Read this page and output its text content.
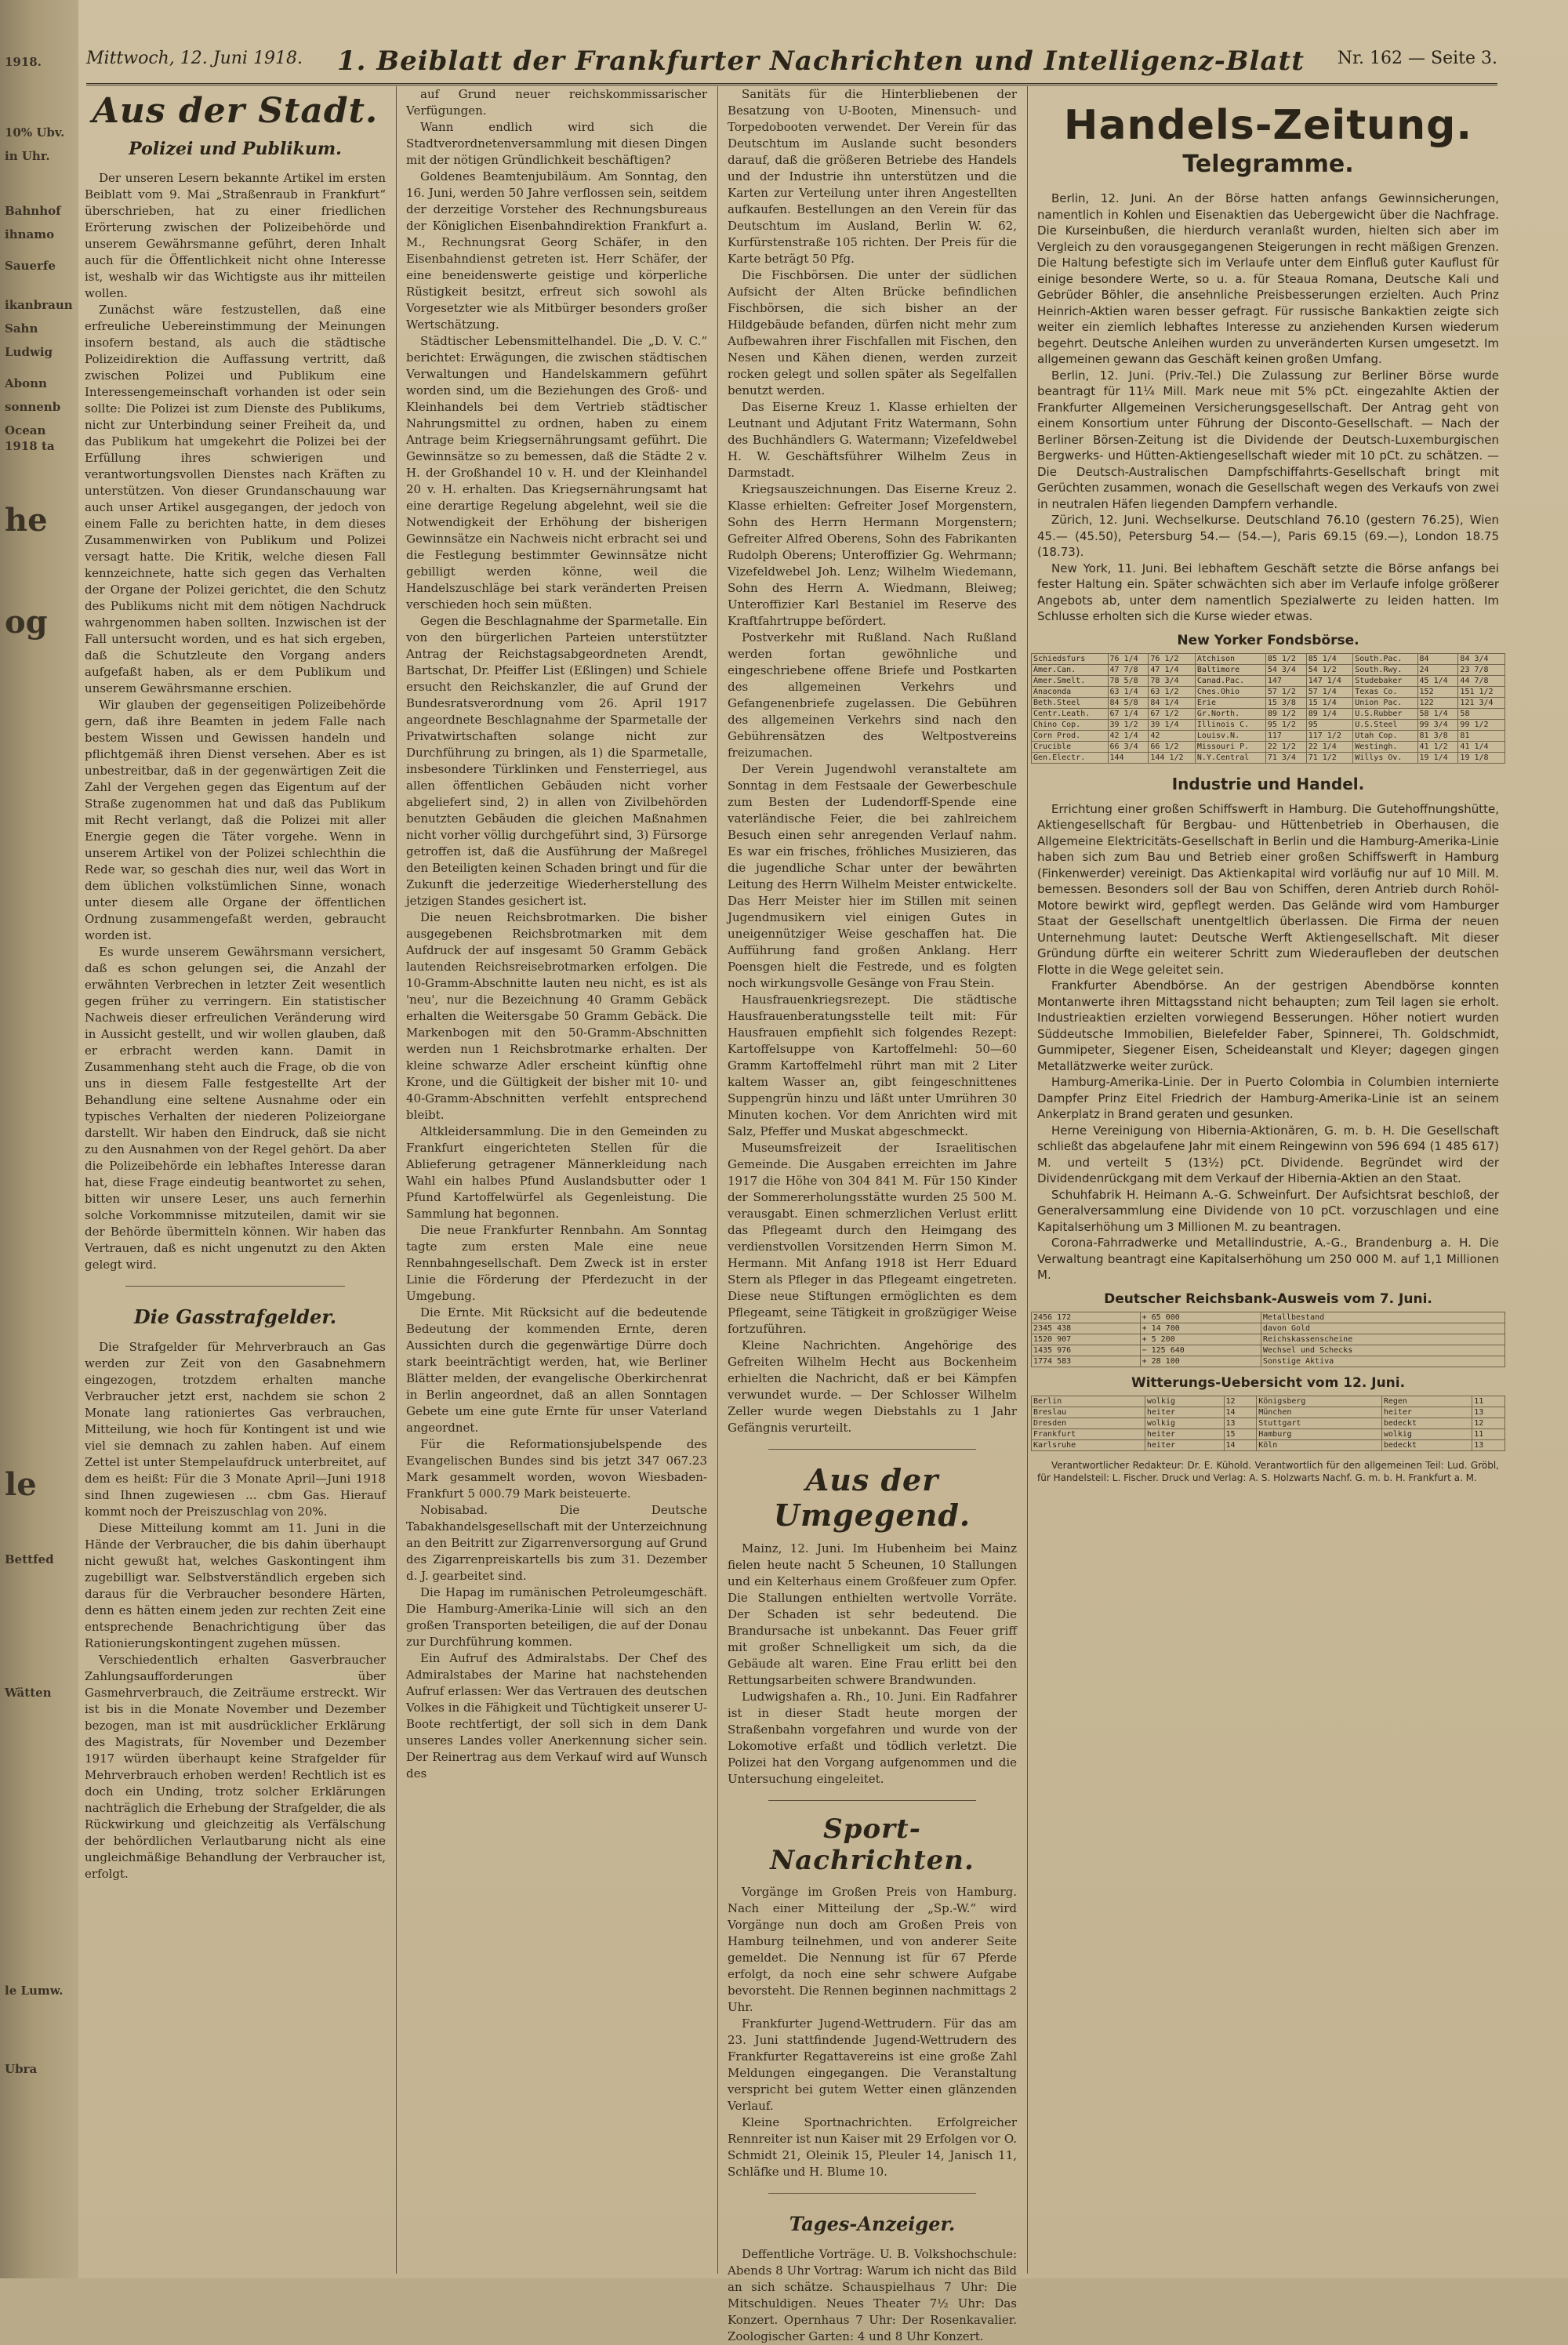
1918.
10% Ubv.
in Uhr.
Bahnhof
ihnamo
Sauerfe
ikanbraun
Sahn
Ludwig
Abonn
sonnenb
Ocean
1918 ta
he
og
le
Bettfed
Wätten
le Lumw.
Ubra
Mittwoch, 12. Juni 1918. 1. Beiblatt der Frankfurter Nachrichten und Intelligenz-Blatt Nr. 162 — Seite 3.
Aus der Stadt.
Polizei und Publikum.

Der unseren Lesern bekannte Artikel im ersten Beiblatt vom 9. Mai „Straßenraub in Frankfurt“ überschrieben, hat zu einer friedlichen Erörterung zwischen der Polizeibehörde und unserem Gewährsmanne geführt, deren Inhalt auch für die Öffentlichkeit nicht ohne Interesse ist, weshalb wir das Wichtigste aus ihr mitteilen wollen.

Zunächst wäre festzustellen, daß eine erfreuliche Uebereinstimmung der Meinungen insofern bestand, als auch die städtische Polizeidirektion die Auffassung vertritt, daß zwischen Polizei und Publikum eine Interessengemeinschaft vorhanden ist oder sein sollte: Die Polizei ist zum Dienste des Publikums, nicht zur Unterbindung seiner Freiheit da, und das Publikum hat umgekehrt die Polizei bei der Erfüllung ihres schwierigen und verantwortungsvollen Dienstes nach Kräften zu unterstützen. Von dieser Grundanschauung war auch unser Artikel ausgegangen, der jedoch von einem Falle zu berichten hatte, in dem dieses Zusammenwirken von Publikum und Polizei versagt hatte. Die Kritik, welche diesen Fall kennzeichnete, hatte sich gegen das Verhalten der Organe der Polizei gerichtet, die den Schutz des Publikums nicht mit dem nötigen Nachdruck wahrgenommen haben sollten. Inzwischen ist der Fall untersucht worden, und es hat sich ergeben, daß die Schutzleute den Vorgang anders aufgefaßt haben, als er dem Publikum und unserem Gewährsmanne erschien.

Wir glauben der gegenseitigen Polizeibehörde gern, daß ihre Beamten in jedem Falle nach bestem Wissen und Gewissen handeln und pflichtgemäß ihren Dienst versehen. Aber es ist unbestreitbar, daß in der gegenwärtigen Zeit die Zahl der Vergehen gegen das Eigentum auf der Straße zugenommen hat und daß das Publikum mit Recht verlangt, daß die Polizei mit aller Energie gegen die Täter vorgehe. Wenn in unserem Artikel von der Polizei schlechthin die Rede war, so geschah dies nur, weil das Wort in dem üblichen volkstümlichen Sinne, wonach unter diesem alle Organe der öffentlichen Ordnung zusammengefaßt werden, gebraucht worden ist.

Es wurde unserem Gewährsmann versichert, daß es schon gelungen sei, die Anzahl der erwähnten Verbrechen in letzter Zeit wesentlich gegen früher zu verringern. Ein statistischer Nachweis dieser erfreulichen Veränderung wird in Aussicht gestellt, und wir wollen glauben, daß er erbracht werden kann. Damit in Zusammenhang steht auch die Frage, ob die von uns in diesem Falle festgestellte Art der Behandlung eine seltene Ausnahme oder ein typisches Verhalten der niederen Polizeiorgane darstellt. Wir haben den Eindruck, daß sie nicht zu den Ausnahmen von der Regel gehört. Da aber die Polizeibehörde ein lebhaftes Interesse daran hat, diese Frage eindeutig beantwortet zu sehen, bitten wir unsere Leser, uns auch fernerhin solche Vorkommnisse mitzuteilen, damit wir sie der Behörde übermitteln können. Wir haben das Vertrauen, daß es nicht ungenutzt zu den Akten gelegt wird.

Die Gasstrafgelder.

Die Strafgelder für Mehrverbrauch an Gas werden zur Zeit von den Gasabnehmern eingezogen, trotzdem erhalten manche Verbraucher jetzt erst, nachdem sie schon 2 Monate lang rationiertes Gas verbrauchen, Mitteilung, wie hoch für Kontingent ist und wie viel sie demnach zu zahlen haben. Auf einem Zettel ist unter Stempelaufdruck unterbreitet, auf dem es heißt: Für die 3 Monate April—Juni 1918 sind Ihnen zugewiesen ... cbm Gas. Hierauf kommt noch der Preiszuschlag von 20%.

Diese Mitteilung kommt am 11. Juni in die Hände der Verbraucher, die bis dahin überhaupt nicht gewußt hat, welches Gaskontingent ihm zugebilligt war. Selbstverständlich ergeben sich daraus für die Verbraucher besondere Härten, denn es hätten einem jeden zur rechten Zeit eine entsprechende Benachrichtigung über das Rationierungskontingent zugehen müssen.

Verschiedentlich erhalten Gasverbraucher Zahlungsaufforderungen über Gasmehrverbrauch, die Zeiträume erstreckt. Wir ist bis in die Monate November und Dezember bezogen, man ist mit ausdrücklicher Erklärung des Magistrats, für November und Dezember 1917 würden überhaupt keine Strafgelder für Mehrverbrauch erhoben werden! Rechtlich ist es doch ein Unding, trotz solcher Erklärungen nachträglich die Erhebung der Strafgelder, die als Rückwirkung und gleichzeitig als Verfälschung der behördlichen Verlautbarung nicht als eine ungleichmäßige Behandlung der Verbraucher ist, erfolgt.

auf Grund neuer reichskommissarischer Verfügungen.

Wann endlich wird sich die Stadtverordnetenversammlung mit diesen Dingen mit der nötigen Gründlichkeit beschäftigen?

Goldenes Beamtenjubiläum. Am Sonntag, den 16. Juni, werden 50 Jahre verflossen sein, seitdem der derzeitige Vorsteher des Rechnungsbureaus der Königlichen Eisenbahndirektion Frankfurt a. M., Rechnungsrat Georg Schäfer, in den Eisenbahndienst getreten ist. Herr Schäfer, der eine beneidenswerte geistige und körperliche Rüstigkeit besitzt, erfreut sich sowohl als Vorgesetzter wie als Mitbürger besonders großer Wertschätzung.

Städtischer Lebensmittelhandel. Die „D. V. C.“ berichtet: Erwägungen, die zwischen städtischen Verwaltungen und Handelskammern geführt worden sind, um die Beziehungen des Groß- und Kleinhandels bei dem Vertrieb städtischer Nahrungsmittel zu ordnen, haben zu einem Antrage beim Kriegsernährungsamt geführt. Die Gewinnsätze so zu bemessen, daß die Städte 2 v. H. der Großhandel 10 v. H. und der Kleinhandel 20 v. H. erhalten. Das Kriegsernährungsamt hat eine derartige Regelung abgelehnt, weil sie die Notwendigkeit der Erhöhung der bisherigen Gewinnsätze ein Nachweis nicht erbracht sei und die Festlegung bestimmter Gewinnsätze nicht gebilligt werden könne, weil die Handelszuschläge bei stark veränderten Preisen verschieden hoch sein müßten.

Gegen die Beschlagnahme der Sparmetalle. Ein von den bürgerlichen Parteien unterstützter Antrag der Reichstagsabgeordneten Arendt, Bartschat, Dr. Pfeiffer List (Eßlingen) und Schiele ersucht den Reichskanzler, die auf Grund der Bundesratsverordnung vom 26. April 1917 angeordnete Beschlagnahme der Sparmetalle der Privatwirtschaften solange nicht zur Durchführung zu bringen, als 1) die Sparmetalle, insbesondere Türklinken und Fensterriegel, aus allen öffentlichen Gebäuden nicht vorher abgeliefert sind, 2) in allen von Zivilbehörden benutzten Gebäuden die gleichen Maßnahmen nicht vorher völlig durchgeführt sind, 3) Fürsorge getroffen ist, daß die Ausführung der Maßregel den Beteiligten keinen Schaden bringt und für die Zukunft die jederzeitige Wiederherstellung des jetzigen Standes gesichert ist.

Die neuen Reichsbrotmarken. Die bisher ausgegebenen Reichsbrotmarken mit dem Aufdruck der auf insgesamt 50 Gramm Gebäck lautenden Reichsreisebrotmarken erfolgen. Die 10-Gramm-Abschnitte lauten neu nicht, es ist als 'neu', nur die Bezeichnung 40 Gramm Gebäck erhalten die Weitersgabe 50 Gramm Gebäck. Die Markenbogen mit den 50-Gramm-Abschnitten werden nun 1 Reichsbrotmarke erhalten. Der kleine schwarze Adler erscheint künftig ohne Krone, und die Gültigkeit der bisher mit 10- und 40-Gramm-Abschnitten verfehlt entsprechend bleibt.

Altkleidersammlung. Die in den Gemeinden zu Frankfurt eingerichteten Stellen für die Ablieferung getragener Männerkleidung nach Wahl ein halbes Pfund Auslandsbutter oder 1 Pfund Kartoffelwürfel als Gegenleistung. Die Sammlung hat begonnen.

Die neue Frankfurter Rennbahn. Am Sonntag tagte zum ersten Male eine neue Rennbahngesellschaft. Dem Zweck ist in erster Linie die Förderung der Pferdezucht in der Umgebung.

Die Ernte. Mit Rücksicht auf die bedeutende Bedeutung der kommenden Ernte, deren Aussichten durch die gegenwärtige Dürre doch stark beeinträchtigt werden, hat, wie Berliner Blätter melden, der evangelische Oberkirchenrat in Berlin angeordnet, daß an allen Sonntagen Gebete um eine gute Ernte für unser Vaterland angeordnet.

Für die Reformationsjubelspende des Evangelischen Bundes sind bis jetzt 347 067.23 Mark gesammelt worden, wovon Wiesbaden-Frankfurt 5 000.79 Mark beisteuerte.

Nobisabad. Die Deutsche Tabakhandelsgesellschaft mit der Unterzeichnung an den Beitritt zur Zigarrenversorgung auf Grund des Zigarrenpreiskartells bis zum 31. Dezember d. J. gearbeitet sind.

Die Hapag im rumänischen Petroleumgeschäft. Die Hamburg-Amerika-Linie will sich an den großen Transporten beteiligen, die auf der Donau zur Durchführung kommen.

Ein Aufruf des Admiralstabs. Der Chef des Admiralstabes der Marine hat nachstehenden Aufruf erlassen: Wer das Vertrauen des deutschen Volkes in die Fähigkeit und Tüchtigkeit unserer U-Boote rechtfertigt, der soll sich in dem Dank unseres Landes voller Anerkennung sicher sein. Der Reinertrag aus dem Verkauf wird auf Wunsch des

Sanitäts für die Hinterbliebenen der Besatzung von U-Booten, Minensuch- und Torpedobooten verwendet. Der Verein für das Deutschtum im Auslande sucht besonders darauf, daß die größeren Betriebe des Handels und der Industrie ihn unterstützen und die Karten zur Verteilung unter ihren Angestellten aufkaufen. Bestellungen an den Verein für das Deutschtum im Ausland, Berlin W. 62, Kurfürstenstraße 105 richten. Der Preis für die Karte beträgt 50 Pfg.

Die Fischbörsen. Die unter der südlichen Aufsicht der Alten Brücke befindlichen Fischbörsen, die sich bisher an der Hildgebäude befanden, dürfen nicht mehr zum Aufbewahren ihrer Fischfallen mit Fischen, den Nesen und Kähen dienen, werden zurzeit rocken gelegt und sollen später als Segelfallen benutzt werden.

Das Eiserne Kreuz 1. Klasse erhielten der Leutnant und Adjutant Fritz Watermann, Sohn des Buchhändlers G. Watermann; Vizefeldwebel H. W. Geschäftsführer Wilhelm Zeus in Darmstadt.

Kriegsauszeichnungen. Das Eiserne Kreuz 2. Klasse erhielten: Gefreiter Josef Morgenstern, Sohn des Herrn Hermann Morgenstern; Gefreiter Alfred Oberens, Sohn des Fabrikanten Rudolph Oberens; Unteroffizier Gg. Wehrmann; Vizefeldwebel Joh. Lenz; Wilhelm Wiedemann, Sohn des Herrn A. Wiedmann, Bleiweg; Unteroffizier Karl Bestaniel im Reserve des Kraftfahrtruppe befördert.

Postverkehr mit Rußland. Nach Rußland werden fortan gewöhnliche und eingeschriebene offene Briefe und Postkarten des allgemeinen Verkehrs und Gefangenenbriefe zugelassen. Die Gebühren des allgemeinen Verkehrs sind nach den Gebührensätzen des Weltpostvereins freizumachen.

Der Verein Jugendwohl veranstaltete am Sonntag in dem Festsaale der Gewerbeschule zum Besten der Ludendorff-Spende eine vaterländische Feier, die bei zahlreichem Besuch einen sehr anregenden Verlauf nahm. Es war ein frisches, fröhliches Musizieren, das die jugendliche Schar unter der bewährten Leitung des Herrn Wilhelm Meister entwickelte. Das Herr Meister hier im Stillen mit seinen Jugendmusikern viel einigen Gutes in uneigennütziger Weise geschaffen hat. Die Aufführung fand großen Anklang. Herr Poensgen hielt die Festrede, und es folgten noch wirkungsvolle Gesänge von Frau Stein.

Hausfrauenkriegsrezept. Die städtische Hausfrauenberatungsstelle teilt mit: Für Hausfrauen empfiehlt sich folgendes Rezept: Kartoffelsuppe von Kartoffelmehl: 50—60 Gramm Kartoffelmehl rührt man mit 2 Liter kaltem Wasser an, gibt feingeschnittenes Suppengrün hinzu und läßt unter Umrühren 30 Minuten kochen. Vor dem Anrichten wird mit Salz, Pfeffer und Muskat abgeschmeckt.

Museumsfreizeit der Israelitischen Gemeinde. Die Ausgaben erreichten im Jahre 1917 die Höhe von 304 841 M. Für 150 Kinder der Sommererholungsstätte wurden 25 500 M. verausgabt. Einen schmerzlichen Verlust erlitt das Pflegeamt durch den Heimgang des verdienstvollen Vorsitzenden Herrn Simon M. Hermann. Mit Anfang 1918 ist Herr Eduard Stern als Pfleger in das Pflegeamt eingetreten. Diese neue Stiftungen ermöglichten es dem Pflegeamt, seine Tätigkeit in großzügiger Weise fortzuführen.

Kleine Nachrichten. Angehörige des Gefreiten Wilhelm Hecht aus Bockenheim erhielten die Nachricht, daß er bei Kämpfen verwundet wurde. — Der Schlosser Wilhelm Zeller wurde wegen Diebstahls zu 1 Jahr Gefängnis verurteilt.

Aus der Umgegend.

Mainz, 12. Juni. Im Hubenheim bei Mainz fielen heute nacht 5 Scheunen, 10 Stallungen und ein Kelterhaus einem Großfeuer zum Opfer. Die Stallungen enthielten wertvolle Vorräte. Der Schaden ist sehr bedeutend. Die Brandursache ist unbekannt. Das Feuer griff mit großer Schnelligkeit um sich, da die Gebäude alt waren. Eine Frau erlitt bei den Rettungsarbeiten schwere Brandwunden.

Ludwigshafen a. Rh., 10. Juni. Ein Radfahrer ist in dieser Stadt heute morgen der Straßenbahn vorgefahren und wurde von der Lokomotive erfaßt und tödlich verletzt. Die Polizei hat den Vorgang aufgenommen und die Untersuchung eingeleitet.

Sport-Nachrichten.

Vorgänge im Großen Preis von Hamburg. Nach einer Mitteilung der „Sp.-W.“ wird Vorgänge nun doch am Großen Preis von Hamburg teilnehmen, und von anderer Seite gemeldet. Die Nennung ist für 67 Pferde erfolgt, da noch eine sehr schwere Aufgabe bevorsteht. Die Rennen beginnen nachmittags 2 Uhr.

Frankfurter Jugend-Wettrudern. Für das am 23. Juni stattfindende Jugend-Wettrudern des Frankfurter Regattavereins ist eine große Zahl Meldungen eingegangen. Die Veranstaltung verspricht bei gutem Wetter einen glänzenden Verlauf.

Kleine Sportnachrichten. Erfolgreicher Rennreiter ist nun Kaiser mit 29 Erfolgen vor O. Schmidt 21, Oleinik 15, Pleuler 14, Janisch 11, Schläfke und H. Blume 10.

Tages-Anzeiger.

Deffentliche Vorträge. U. B. Volkshochschule: Abends 8 Uhr Vortrag: Warum ich nicht das Bild an sich schätze. Schauspielhaus 7 Uhr: Die Mitschuldigen. Neues Theater 7½ Uhr: Das Konzert. Opernhaus 7 Uhr: Der Rosenkavalier. Zoologischer Garten: 4 und 8 Uhr Konzert.

Handels-Zeitung.
Telegramme.

Berlin, 12. Juni. An der Börse hatten anfangs Gewinnsicherungen, namentlich in Kohlen und Eisenaktien das Uebergewicht über die Nachfrage. Die Kurseinbußen, die hierdurch veranlaßt wurden, hielten sich aber im Vergleich zu den vorausgegangenen Steigerungen in recht mäßigen Grenzen. Die Haltung befestigte sich im Verlaufe unter dem Einfluß guter Kauflust für einige besondere Werte, so u. a. für Steaua Romana, Deutsche Kali und Gebrüder Böhler, die ansehnliche Preisbesserungen erzielten. Auch Prinz Heinrich-Aktien waren besser gefragt. Für russische Bankaktien zeigte sich weiter ein ziemlich lebhaftes Interesse zu anziehenden Kursen wiederum begehrt. Deutsche Anleihen wurden zu unveränderten Kursen umgesetzt. Im allgemeinen gewann das Geschäft keinen großen Umfang.

Berlin, 12. Juni. (Priv.-Tel.) Die Zulassung zur Berliner Börse wurde beantragt für 11¼ Mill. Mark neue mit 5% pCt. eingezahlte Aktien der Frankfurter Allgemeinen Versicherungsgesellschaft. Der Antrag geht von einem Konsortium unter Führung der Disconto-Gesellschaft. — Nach der Berliner Börsen-Zeitung ist die Dividende der Deutsch-Luxemburgischen Bergwerks- und Hütten-Aktiengesellschaft wieder mit 10 pCt. zu schätzen. — Die Deutsch-Australischen Dampfschiffahrts-Gesellschaft bringt mit Gerüchten zusammen, wonach die Gesellschaft wegen des Verkaufs von zwei in neutralen Häfen liegenden Dampfern verhandle.

Zürich, 12. Juni. Wechselkurse. Deutschland 76.10 (gestern 76.25), Wien 45.— (45.50), Petersburg 54.— (54.—), Paris 69.15 (69.—), London 18.75 (18.73).

New York, 11. Juni. Bei lebhaftem Geschäft setzte die Börse anfangs bei fester Haltung ein. Später schwächten sich aber im Verlaufe infolge größerer Angebots ab, unter dem namentlich Spezialwerte zu leiden hatten. Im Schlusse erholten sich die Kurse wieder etwas.

New Yorker Fondsbörse.
Schiedsfurs	76 1/4	76 1/2	Atchison	85 1/2	85 1/4	South.Pac.	84	84 3/4
Amer.Can.	47 7/8	47 1/4	Baltimore	54 3/4	54 1/2	South.Rwy.	24	23 7/8
Amer.Smelt.	78 5/8	78 3/4	Canad.Pac.	147	147 1/4	Studebaker	45 1/4	44 7/8
Anaconda	63 1/4	63 1/2	Ches.Ohio	57 1/2	57 1/4	Texas Co.	152	151 1/2
Beth.Steel	84 5/8	84 1/4	Erie	15 3/8	15 1/4	Union Pac.	122	121 3/4
Centr.Leath.	67 1/4	67 1/2	Gr.North.	89 1/2	89 1/4	U.S.Rubber	58 1/4	58
Chino Cop.	39 1/2	39 1/4	Illinois C.	95 1/2	95	U.S.Steel	99 3/4	99 1/2
Corn Prod.	42 1/4	42	Louisv.N.	117	117 1/2	Utah Cop.	81 3/8	81
Crucible	66 3/4	66 1/2	Missouri P.	22 1/2	22 1/4	Westingh.	41 1/2	41 1/4
Gen.Electr.	144	144 1/2	N.Y.Central	71 3/4	71 1/2	Willys Ov.	19 1/4	19 1/8
Industrie und Handel.

Errichtung einer großen Schiffswerft in Hamburg. Die Gutehoffnungshütte, Aktiengesellschaft für Bergbau- und Hüttenbetrieb in Oberhausen, die Allgemeine Elektricitäts-Gesellschaft in Berlin und die Hamburg-Amerika-Linie haben sich zum Bau und Betrieb einer großen Schiffswerft in Hamburg (Finkenwerder) vereinigt. Das Aktienkapital wird vorläufig nur auf 10 Mill. M. bemessen. Besonders soll der Bau von Schiffen, deren Antrieb durch Rohöl-Motore bewirkt wird, gepflegt werden. Das Gelände wird vom Hamburger Staat der Gesellschaft unentgeltlich überlassen. Die Firma der neuen Unternehmung lautet: Deutsche Werft Aktiengesellschaft. Mit dieser Gründung dürfte ein weiterer Schritt zum Wiederaufleben der deutschen Flotte in die Wege geleitet sein.

Frankfurter Abendbörse. An der gestrigen Abendbörse konnten Montanwerte ihren Mittagsstand nicht behaupten; zum Teil lagen sie erholt. Industrieaktien erzielten vorwiegend Besserungen. Höher notiert wurden Süddeutsche Immobilien, Bielefelder Faber, Spinnerei, Th. Goldschmidt, Gummipeter, Siegener Eisen, Scheideanstalt und Kleyer; dagegen gingen Metallätzwerke weiter zurück.

Hamburg-Amerika-Linie. Der in Puerto Colombia in Columbien internierte Dampfer Prinz Eitel Friedrich der Hamburg-Amerika-Linie ist an seinem Ankerplatz in Brand geraten und gesunken.

Herne Vereinigung von Hibernia-Aktionären, G. m. b. H. Die Gesellschaft schließt das abgelaufene Jahr mit einem Reingewinn von 596 694 (1 485 617) M. und verteilt 5 (13½) pCt. Dividende. Begründet wird der Dividendenrückgang mit dem Verkauf der Hibernia-Aktien an den Staat.

Schuhfabrik H. Heimann A.-G. Schweinfurt. Der Aufsichtsrat beschloß, der Generalversammlung eine Dividende von 10 pCt. vorzuschlagen und eine Kapitalserhöhung um 3 Millionen M. zu beantragen.

Corona-Fahrradwerke und Metallindustrie, A.-G., Brandenburg a. H. Die Verwaltung beantragt eine Kapitalserhöhung um 250 000 M. auf 1,1 Millionen M.

Deutscher Reichsbank-Ausweis vom 7. Juni.
2456 172	+ 65 000	Metallbestand
2345 438	+ 14 700	davon Gold
1520 907	+ 5 200	Reichskassenscheine
1435 976	− 125 640	Wechsel und Schecks
1774 583	+ 28 100	Sonstige Aktiva
Witterungs-Uebersicht vom 12. Juni.
Berlin	wolkig	12	Königsberg	Regen	11
Breslau	heiter	14	München	heiter	13
Dresden	wolkig	13	Stuttgart	bedeckt	12
Frankfurt	heiter	15	Hamburg	wolkig	11
Karlsruhe	heiter	14	Köln	bedeckt	13

Verantwortlicher Redakteur: Dr. E. Kühold. Verantwortlich für den allgemeinen Teil: Lud. Gröbl, für Handelsteil: L. Fischer. Druck und Verlag: A. S. Holzwarts Nachf. G. m. b. H. Frankfurt a. M.
